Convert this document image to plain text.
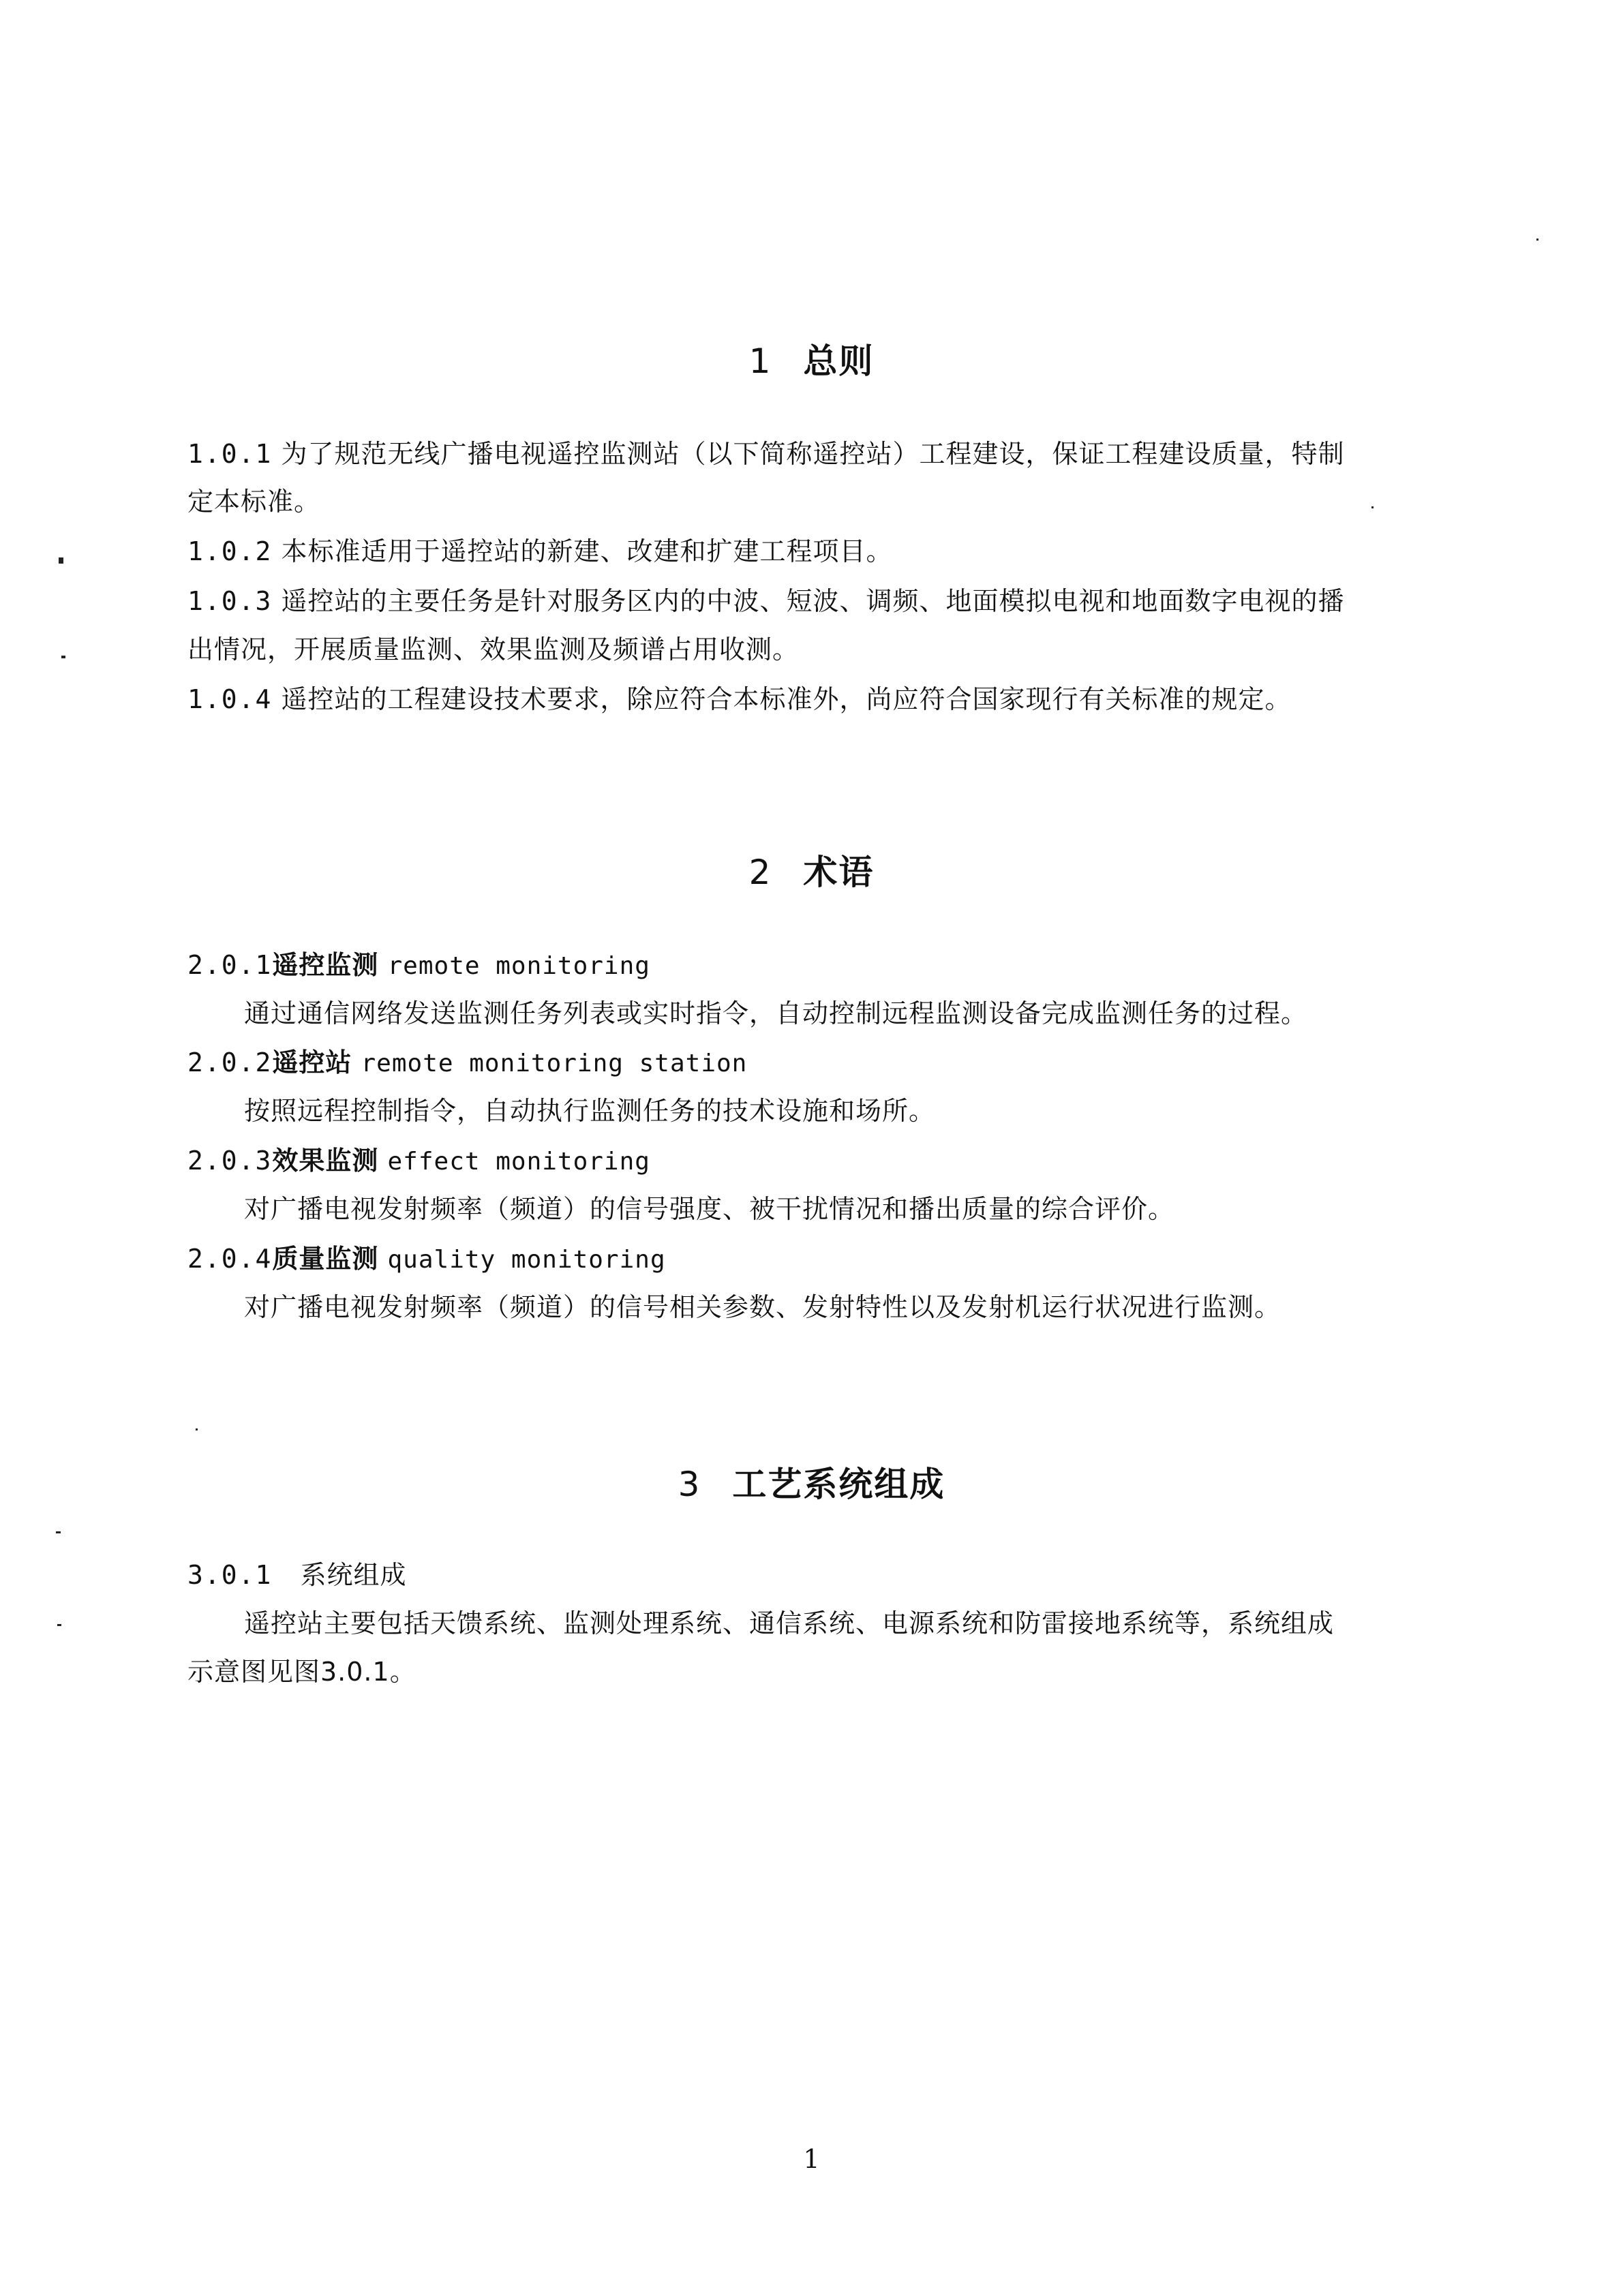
1 总则
1.0.1 为了规范无线广播电视遥控监测站（以下简称遥控站）工程建设，保证工程建设质量，特制
定本标准。
1.0.2 本标准适用于遥控站的新建、改建和扩建工程项目。
1.0.3 遥控站的主要任务是针对服务区内的中波、短波、调频、地面模拟电视和地面数字电视的播
出情况，开展质量监测、效果监测及频谱占用收测。
1.0.4 遥控站的工程建设技术要求，除应符合本标准外，尚应符合国家现行有关标准的规定。
2 术语
2.0.1遥控监测 remote monitoring
通过通信网络发送监测任务列表或实时指令，自动控制远程监测设备完成监测任务的过程。
2.0.2遥控站 remote monitoring station
按照远程控制指令，自动执行监测任务的技术设施和场所。
2.0.3效果监测 effect monitoring
对广播电视发射频率（频道）的信号强度、被干扰情况和播出质量的综合评价。
2.0.4质量监测 quality monitoring
对广播电视发射频率（频道）的信号相关参数、发射特性以及发射机运行状况进行监测。
3 工艺系统组成
3.0.1 系统组成
遥控站主要包括天馈系统、监测处理系统、通信系统、电源系统和防雷接地系统等，系统组成
示意图见图3.0.1。
1
